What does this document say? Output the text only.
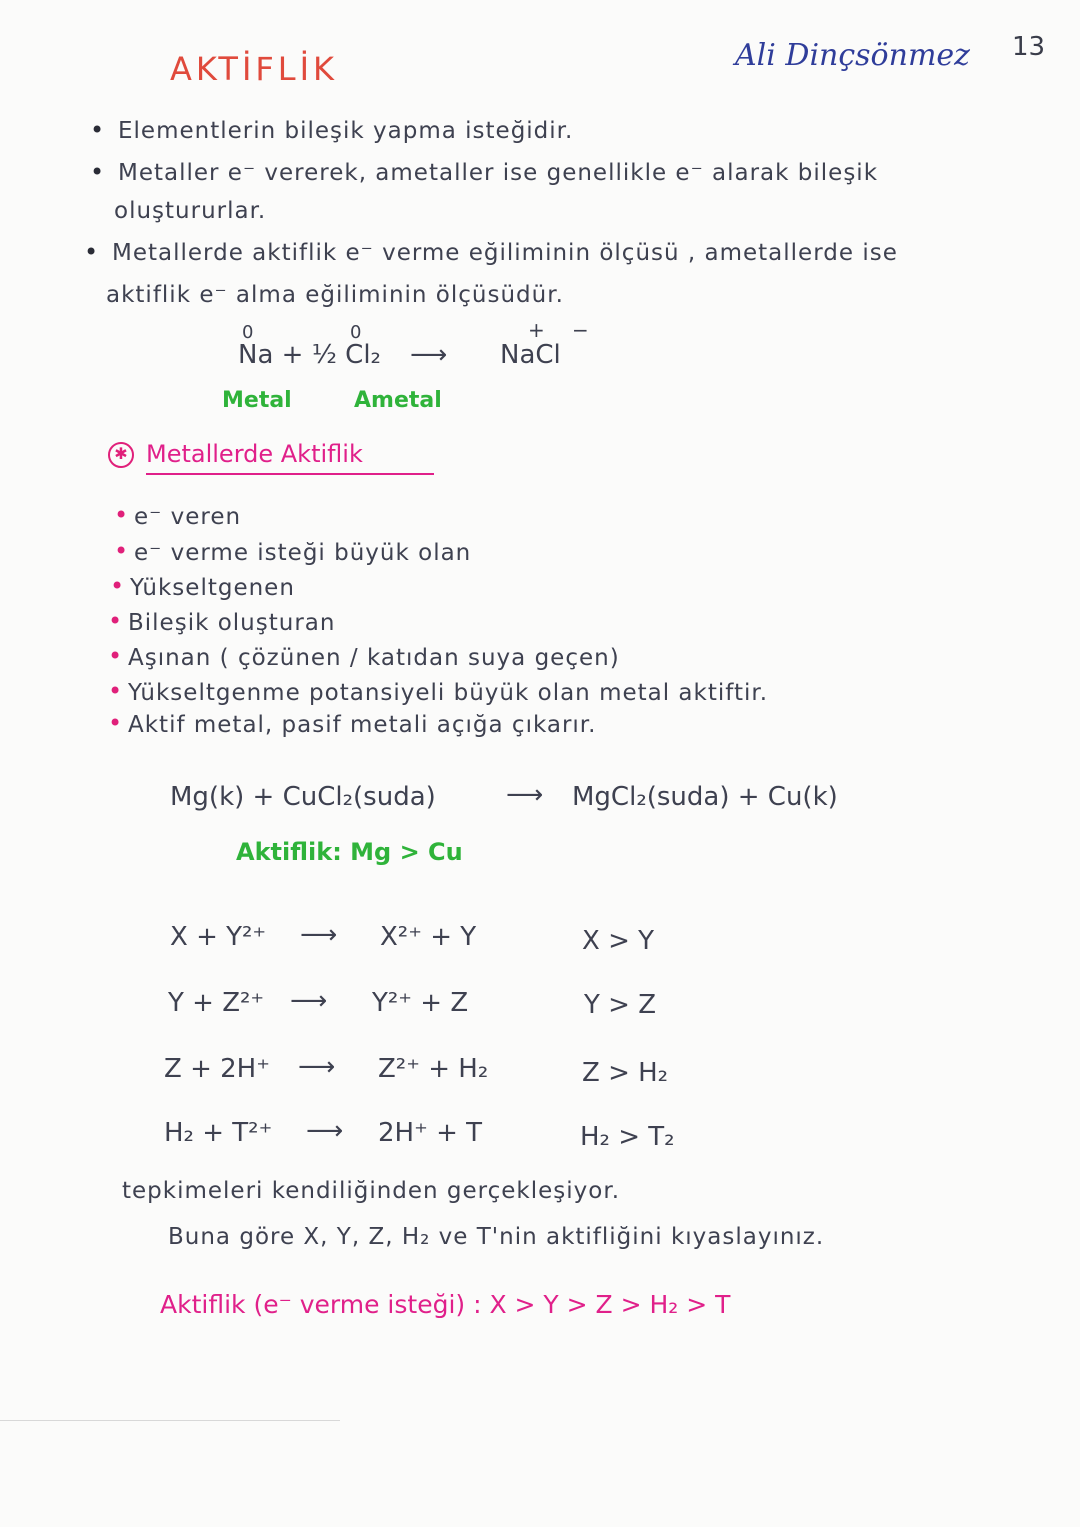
AKTİFLİK	Ali Dinçsönmez 13
• Elementlerin bileşik yapma isteğidir.
• Metaller e⁻ vererek, ametaller ise genellikle e⁻ alarak bileşik
oluştururlar.
• Metallerde aktiflik e⁻ verme eğiliminin ölçüsü , ametallerde ise
aktiflik e⁻ alma eğiliminin ölçüsüdür.
0	0	+ −
Na + ½ Cl₂ ⟶ NaCl
Metal	Ametal
✱ Metallerde Aktiflik
• e⁻ veren
• e⁻ verme isteği büyük olan
• Yükseltgenen
• Bileşik oluşturan
• Aşınan ( çözünen / katıdan suya geçen)
• Yükseltgenme potansiyeli büyük olan metal aktiftir.
• Aktif metal, pasif metali açığa çıkarır.
Mg(k) + CuCl₂(suda)	⟶ MgCl₂(suda) + Cu(k)
Aktiflik: Mg > Cu
X + Y²⁺ ⟶ X²⁺ + Y	X > Y
Y + Z²⁺ ⟶ Y²⁺ + Z	Y > Z
Z + 2H⁺ ⟶ Z²⁺ + H₂	Z > H₂
H₂ + T²⁺ ⟶ 2H⁺ + T	H₂ > T₂
tepkimeleri kendiliğinden gerçekleşiyor.
Buna göre X, Y, Z, H₂ ve T'nin aktifliğini kıyaslayınız.
Aktiflik (e⁻ verme isteği) : X > Y > Z > H₂ > T
